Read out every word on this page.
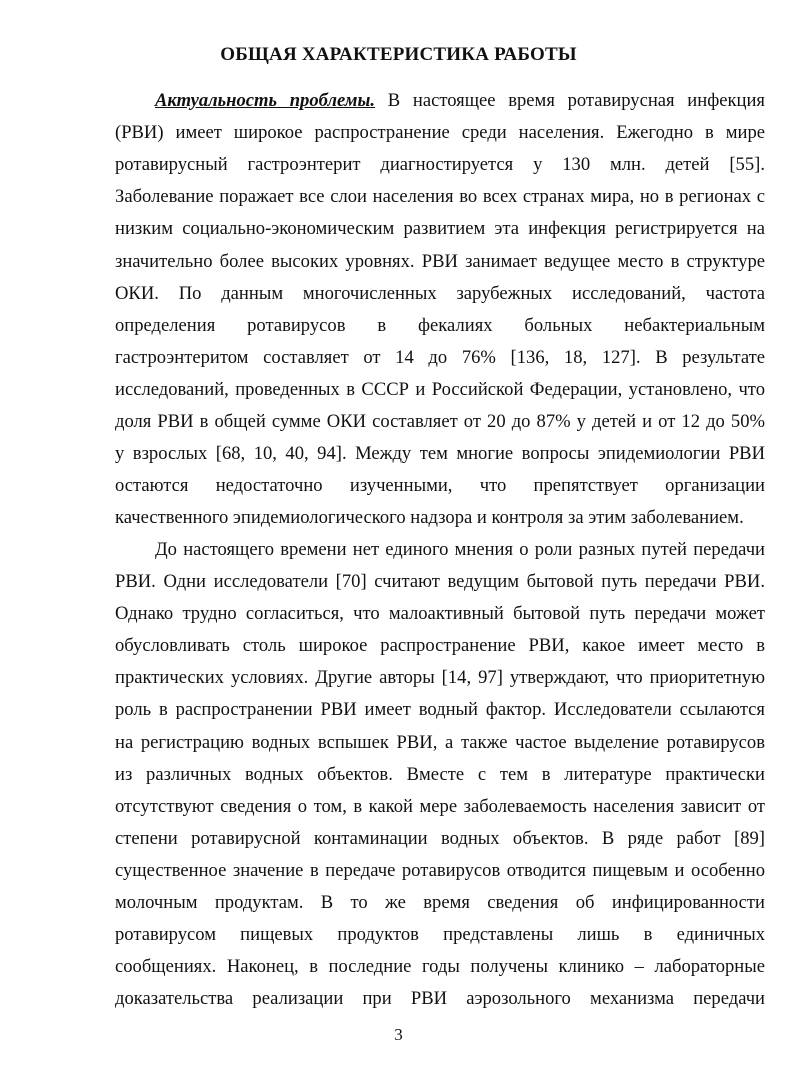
ОБЩАЯ ХАРАКТЕРИСТИКА РАБОТЫ

Актуальность проблемы. В настоящее время ротавирусная инфекция

(РВИ) имеет широкое распространение среди населения. Ежегодно в мире

ротавирусный гастроэнтерит диагностируется у 130 млн. детей [55].

Заболевание поражает все слои населения во всех странах мира, но в регионах с

низким социально-экономическим развитием эта инфекция регистрируется на

значительно более высоких уровнях. РВИ занимает ведущее место в структуре

ОКИ. По данным многочисленных зарубежных исследований, частота

определения ротавирусов в фекалиях больных небактериальным

гастроэнтеритом составляет от 14 до 76% [136, 18, 127]. В результате

исследований, проведенных в СССР и Российской Федерации, установлено, что

доля РВИ в общей сумме ОКИ составляет от 20 до 87% у детей и от 12 до 50%

у взрослых [68, 10, 40, 94]. Между тем многие вопросы эпидемиологии РВИ

остаются недостаточно изученными, что препятствует организации

качественного эпидемиологического надзора и контроля за этим заболеванием.

До настоящего времени нет единого мнения о роли разных путей передачи

РВИ. Одни исследователи [70] считают ведущим бытовой путь передачи РВИ.

Однако трудно согласиться, что малоактивный бытовой путь передачи может

обусловливать столь широкое распространение РВИ, какое имеет место в

практических условиях. Другие авторы [14, 97] утверждают, что приоритетную

роль в распространении РВИ имеет водный фактор. Исследователи ссылаются

на регистрацию водных вспышек РВИ, а также частое выделение ротавирусов

из различных водных объектов. Вместе с тем в литературе практически

отсутствуют сведения о том, в какой мере заболеваемость населения зависит от

степени ротавирусной контаминации водных объектов. В ряде работ [89]

существенное значение в передаче ротавирусов отводится пищевым и особенно

молочным продуктам. В то же время сведения об инфицированности

ротавирусом пищевых продуктов представлены лишь в единичных

сообщениях. Наконец, в последние годы получены клинико – лабораторные

доказательства реализации при РВИ аэрозольного механизма передачи

3
